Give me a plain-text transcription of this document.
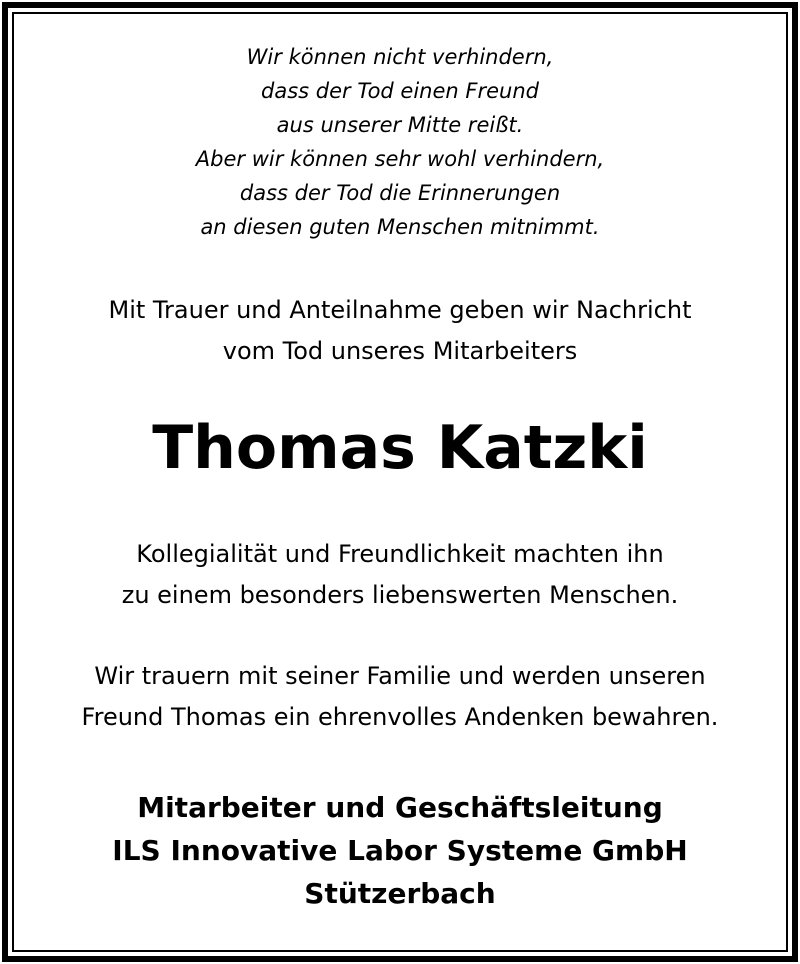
Wir können nicht verhindern,
dass der Tod einen Freund
aus unserer Mitte reißt.
Aber wir können sehr wohl verhindern,
dass der Tod die Erinnerungen
an diesen guten Menschen mitnimmt.
Mit Trauer und Anteilnahme geben wir Nachricht
vom Tod unseres Mitarbeiters
Thomas Katzki
Kollegialität und Freundlichkeit machten ihn
zu einem besonders liebenswerten Menschen.
Wir trauern mit seiner Familie und werden unseren
Freund Thomas ein ehrenvolles Andenken bewahren.
Mitarbeiter und Geschäftsleitung
ILS Innovative Labor Systeme GmbH
Stützerbach
